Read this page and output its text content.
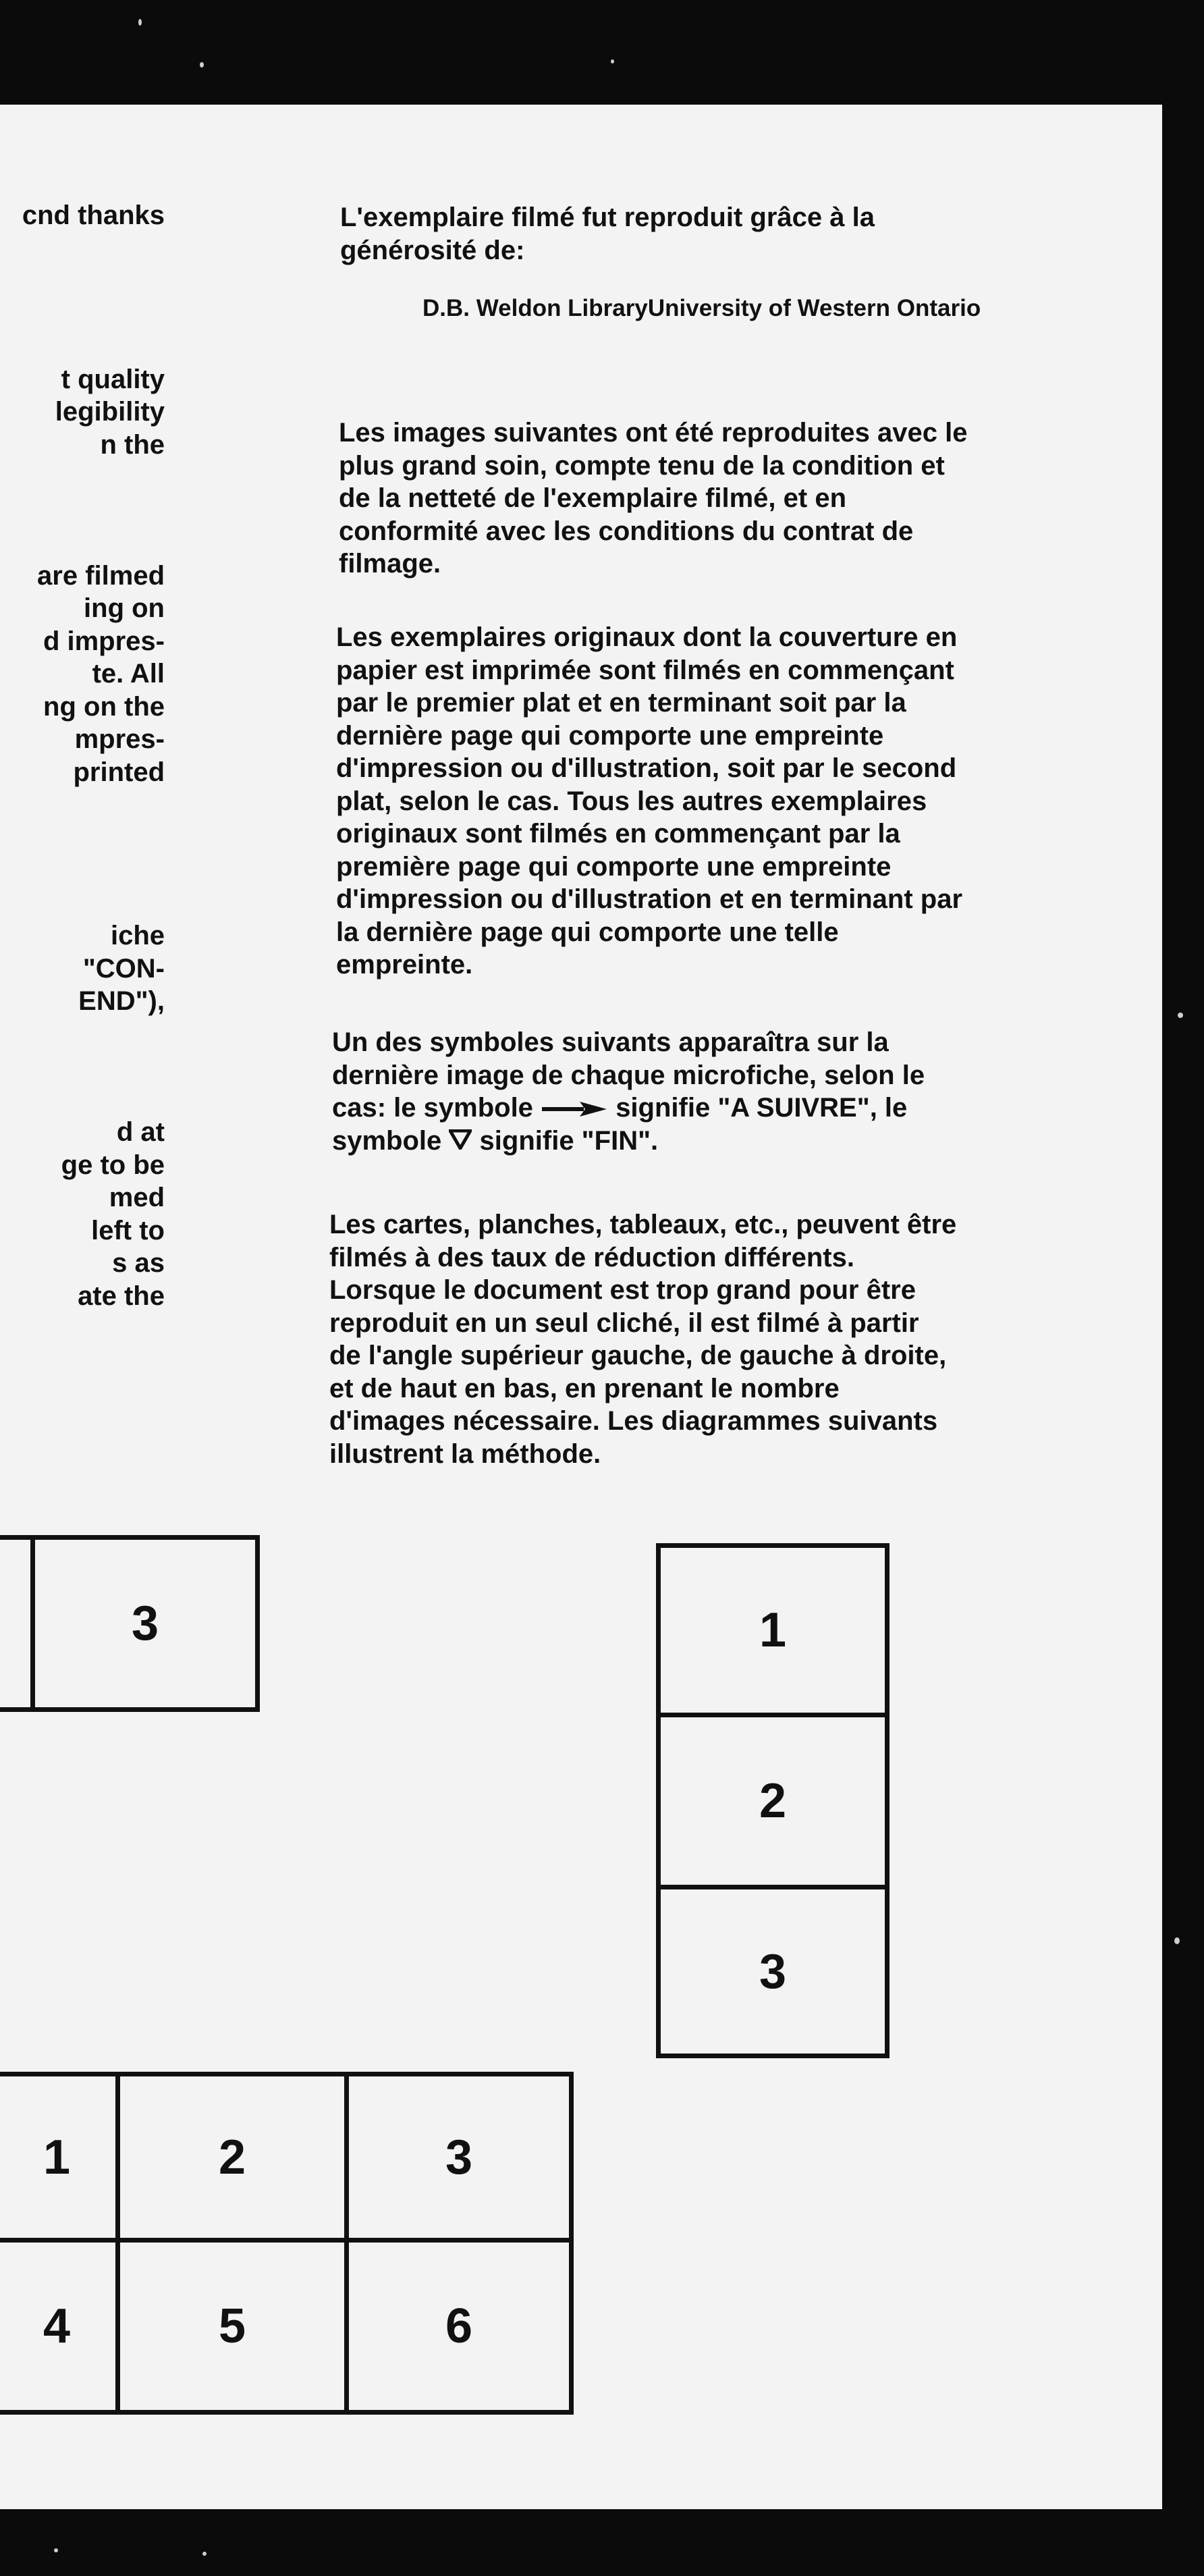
cnd thanks

t quality
legibility
n the

are filmed
ing on
d impres-
te. All
ng on the
mpres-
printed

iche
"CON-
END"),

d at
ge to be
med
left to
s as
ate the
L'exemplaire filmé fut reproduit grâce à la
générosité de:
D.B. Weldon LibraryUniversity of Western Ontario
Les images suivantes ont été reproduites avec le
plus grand soin, compte tenu de la condition et
de la netteté de l'exemplaire filmé, et en
conformité avec les conditions du contrat de
filmage.
Les exemplaires originaux dont la couverture en
papier est imprimée sont filmés en commençant
par le premier plat et en terminant soit par la
dernière page qui comporte une empreinte
d'impression ou d'illustration, soit par le second
plat, selon le cas. Tous les autres exemplaires
originaux sont filmés en commençant par la
première page qui comporte une empreinte
d'impression ou d'illustration et en terminant par
la dernière page qui comporte une telle
empreinte.
Un des symboles suivants apparaîtra sur la
dernière image de chaque microfiche, selon le
cas: le symbole	signifie "A SUIVRE", le
symbole signifie "FIN".
Les cartes, planches, tableaux, etc., peuvent être
filmés à des taux de réduction différents.
Lorsque le document est trop grand pour être
reproduit en un seul cliché, il est filmé à partir
de l'angle supérieur gauche, de gauche à droite,
et de haut en bas, en prenant le nombre
d'images nécessaire. Les diagrammes suivants
illustrent la méthode.
3	1
2
3
1	2	3
4	5	6
